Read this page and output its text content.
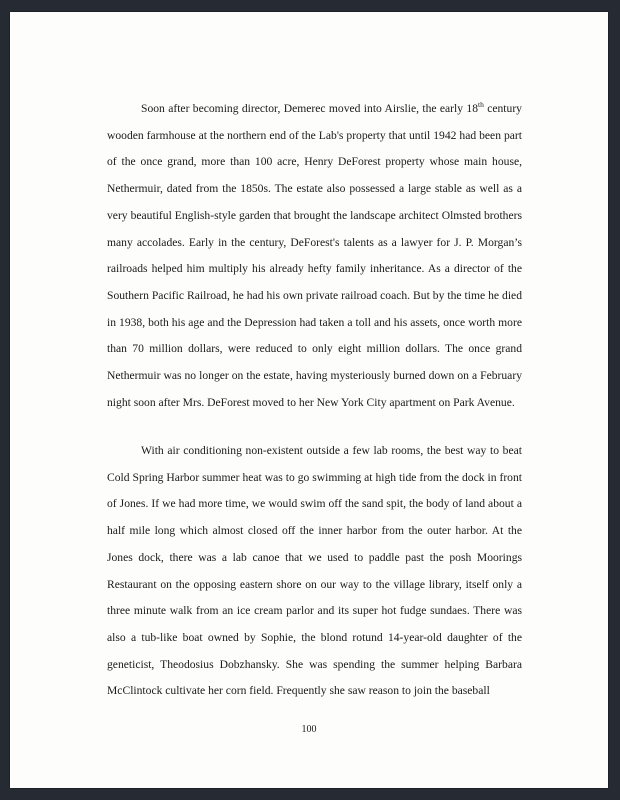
Soon after becoming director, Demerec moved into Airslie, the early 18th century wooden farmhouse at the northern end of the Lab's property that until 1942 had been part of the once grand, more than 100 acre, Henry DeForest property whose main house, Nethermuir, dated from the 1850s. The estate also possessed a large stable as well as a very beautiful English-style garden that brought the landscape architect Olmsted brothers many accolades. Early in the century, DeForest's talents as a lawyer for J. P. Morgan’s railroads helped him multiply his already hefty family inheritance. As a director of the Southern Pacific Railroad, he had his own private railroad coach. But by the time he died in 1938, both his age and the Depression had taken a toll and his assets, once worth more than 70 million dollars, were reduced to only eight million dollars. The once grand Nethermuir was no longer on the estate, having mysteriously burned down on a February night soon after Mrs. DeForest moved to her New York City apartment on Park Avenue.

With air conditioning non-existent outside a few lab rooms, the best way to beat Cold Spring Harbor summer heat was to go swimming at high tide from the dock in front of Jones. If we had more time, we would swim off the sand spit, the body of land about a half mile long which almost closed off the inner harbor from the outer harbor. At the Jones dock, there was a lab canoe that we used to paddle past the posh Moorings Restaurant on the opposing eastern shore on our way to the village library, itself only a three minute walk from an ice cream parlor and its super hot fudge sundaes. There was also a tub-like boat owned by Sophie, the blond rotund 14-year-old daughter of the geneticist, Theodosius Dobzhansky. She was spending the summer helping Barbara McClintock cultivate her corn field. Frequently she saw reason to join the baseball

100
